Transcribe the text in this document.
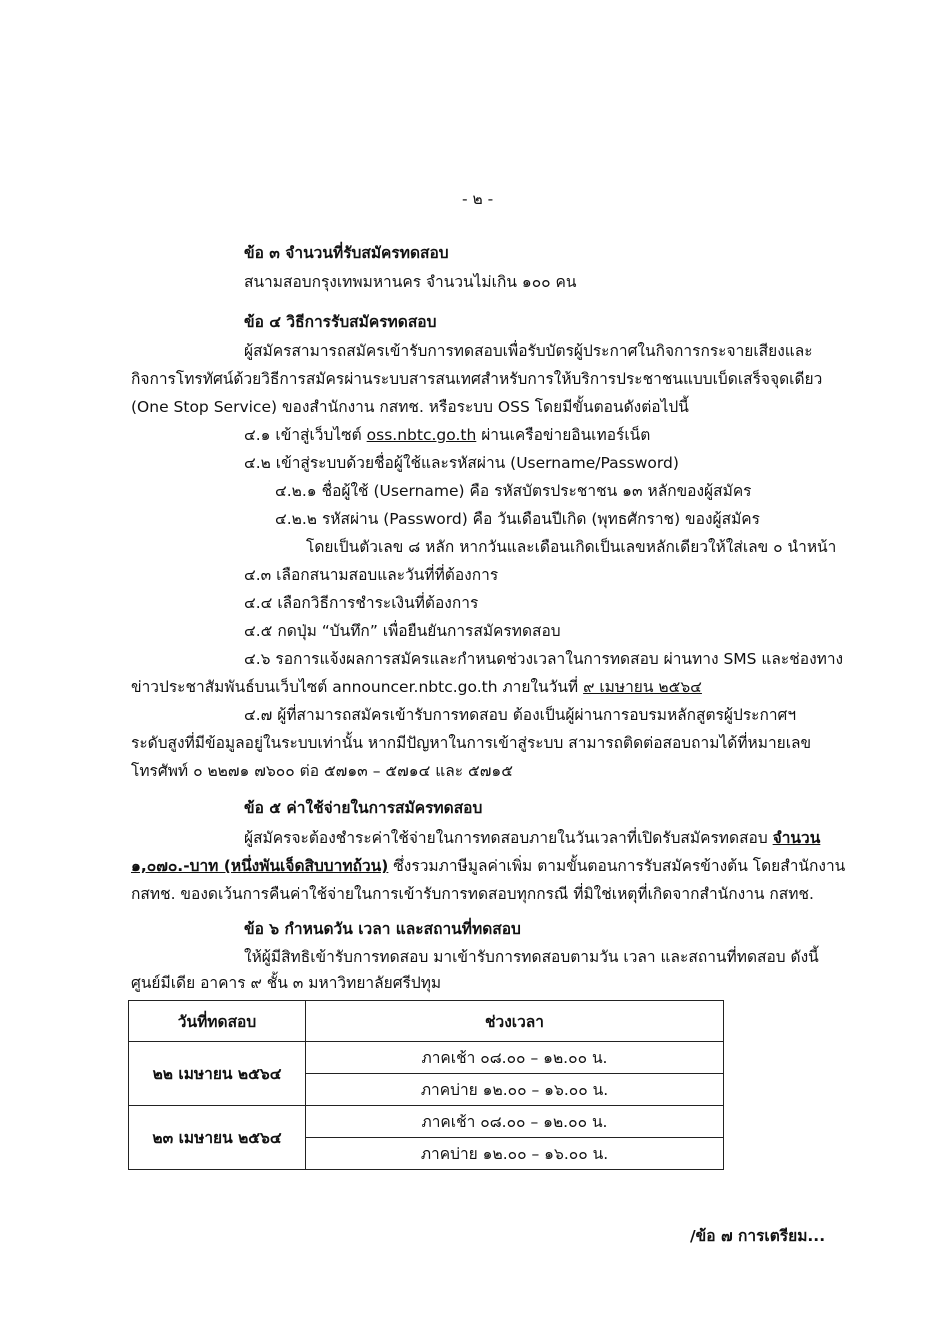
- ๒ -
ข้อ ๓ จำนวนที่รับสมัครทดสอบ
สนามสอบกรุงเทพมหานคร จำนวนไม่เกิน ๑๐๐ คน
ข้อ ๔ วิธีการรับสมัครทดสอบ
ผู้สมัครสามารถสมัครเข้ารับการทดสอบเพื่อรับบัตรผู้ประกาศในกิจการกระจายเสียงและ
กิจการโทรทัศน์ด้วยวิธีการสมัครผ่านระบบสารสนเทศสำหรับการให้บริการประชาชนแบบเบ็ดเสร็จจุดเดียว
(One Stop Service) ของสำนักงาน กสทช. หรือระบบ OSS โดยมีขั้นตอนดังต่อไปนี้
๔.๑ เข้าสู่เว็บไซต์ oss.nbtc.go.th ผ่านเครือข่ายอินเทอร์เน็ต
๔.๒ เข้าสู่ระบบด้วยชื่อผู้ใช้และรหัสผ่าน (Username/Password)
๔.๒.๑ ชื่อผู้ใช้ (Username) คือ รหัสบัตรประชาชน ๑๓ หลักของผู้สมัคร
๔.๒.๒ รหัสผ่าน (Password) คือ วันเดือนปีเกิด (พุทธศักราช) ของผู้สมัคร
โดยเป็นตัวเลข ๘ หลัก หากวันและเดือนเกิดเป็นเลขหลักเดียวให้ใส่เลข ๐ นำหน้า
๔.๓ เลือกสนามสอบและวันที่ที่ต้องการ
๔.๔ เลือกวิธีการชำระเงินที่ต้องการ
๔.๕ กดปุ่ม “บันทึก” เพื่อยืนยันการสมัครทดสอบ
๔.๖ รอการแจ้งผลการสมัครและกำหนดช่วงเวลาในการทดสอบ ผ่านทาง SMS และช่องทาง
ข่าวประชาสัมพันธ์บนเว็บไซต์ announcer.nbtc.go.th ภายในวันที่ ๙ เมษายน ๒๕๖๔
๔.๗ ผู้ที่สามารถสมัครเข้ารับการทดสอบ ต้องเป็นผู้ผ่านการอบรมหลักสูตรผู้ประกาศฯ
ระดับสูงที่มีข้อมูลอยู่ในระบบเท่านั้น หากมีปัญหาในการเข้าสู่ระบบ สามารถติดต่อสอบถามได้ที่หมายเลข
โทรศัพท์ ๐ ๒๒๗๑ ๗๖๐๐ ต่อ ๕๗๑๓ – ๕๗๑๔ และ ๕๗๑๕
ข้อ ๕ ค่าใช้จ่ายในการสมัครทดสอบ
ผู้สมัครจะต้องชำระค่าใช้จ่ายในการทดสอบภายในวันเวลาที่เปิดรับสมัครทดสอบ จำนวน
๑,๐๗๐.-บาท (หนึ่งพันเจ็ดสิบบาทถ้วน) ซึ่งรวมภาษีมูลค่าเพิ่ม ตามขั้นตอนการรับสมัครข้างต้น โดยสำนักงาน
กสทช. ของดเว้นการคืนค่าใช้จ่ายในการเข้ารับการทดสอบทุกกรณี ที่มิใช่เหตุที่เกิดจากสำนักงาน กสทช.
ข้อ ๖ กำหนดวัน เวลา และสถานที่ทดสอบ
ให้ผู้มีสิทธิเข้ารับการทดสอบ มาเข้ารับการทดสอบตามวัน เวลา และสถานที่ทดสอบ ดังนี้
ศูนย์มีเดีย อาคาร ๙ ชั้น ๓ มหาวิทยาลัยศรีปทุม
วันที่ทดสอบ	ช่วงเวลา
๒๒ เมษายน ๒๕๖๔	ภาคเช้า ๐๘.๐๐ – ๑๒.๐๐ น.
	ภาคบ่าย ๑๒.๐๐ – ๑๖.๐๐ น.
๒๓ เมษายน ๒๕๖๔	ภาคเช้า ๐๘.๐๐ – ๑๒.๐๐ น.
	ภาคบ่าย ๑๒.๐๐ – ๑๖.๐๐ น.
/ข้อ ๗ การเตรียม...
